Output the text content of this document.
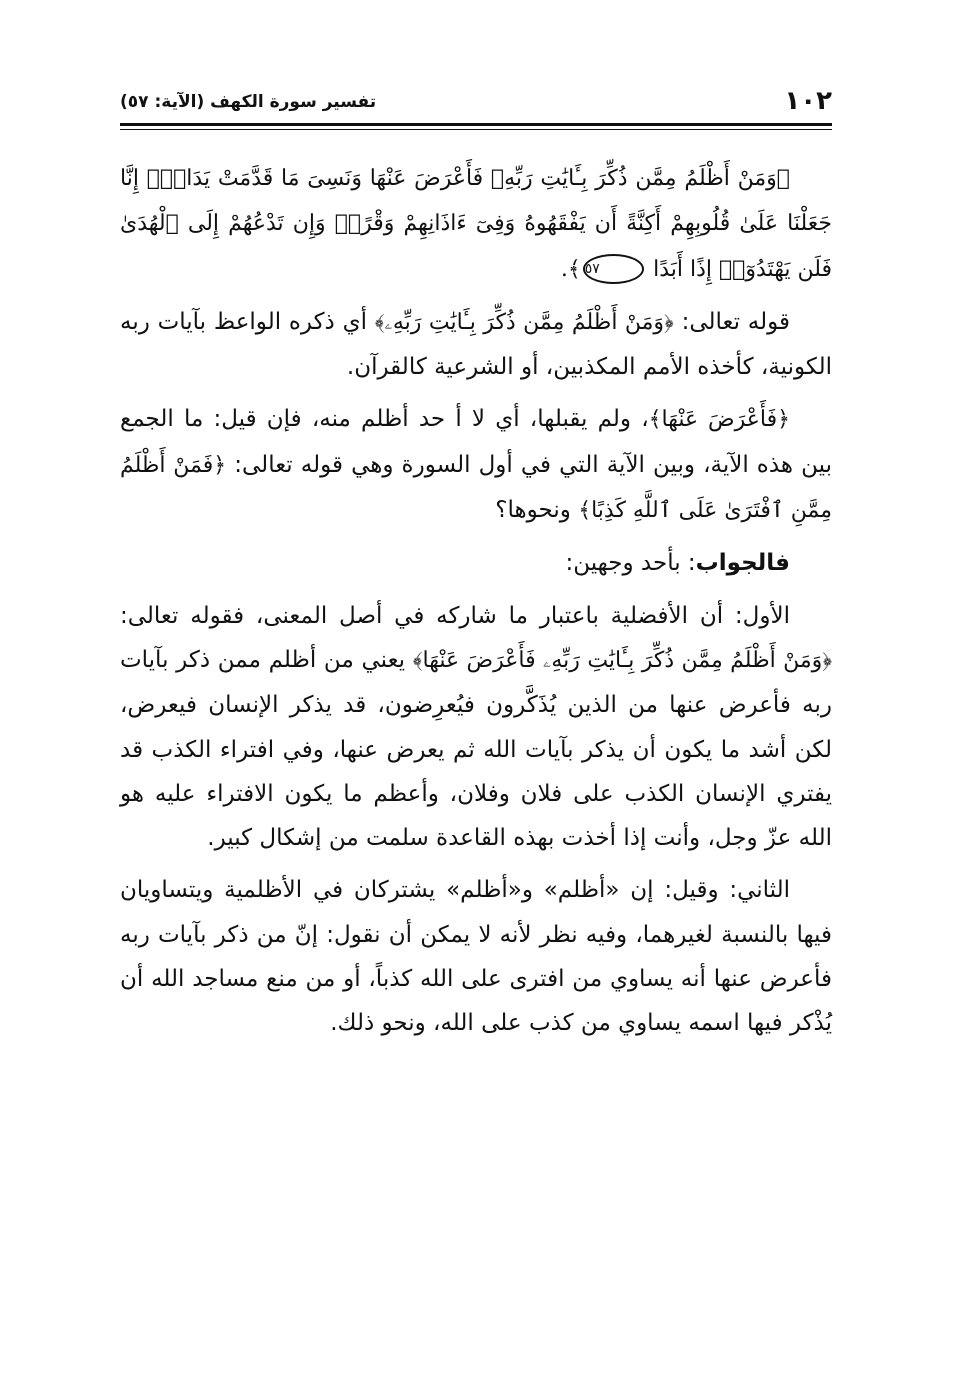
١٠٢
تفسير سورة الكهف (الآية: ٥٧)

﴿وَمَنْ أَظْلَمُ مِمَّن ذُكِّرَ بِـَٔايَٰتِ رَبِّهِۦ فَأَعْرَضَ عَنْهَا وَنَسِىَ مَا قَدَّمَتْ يَدَاهُۚ إِنَّا جَعَلْنَا عَلَىٰ قُلُوبِهِمْ أَكِنَّةً أَن يَفْقَهُوهُ وَفِىٓ ءَاذَانِهِمْ وَقْرًاۖ وَإِن تَدْعُهُمْ إِلَى ٱلْهُدَىٰ فَلَن يَهْتَدُوٓا۟ إِذًا أَبَدًا ٥٧﴾.

قوله تعالى: ﴿وَمَنْ أَظْلَمُ مِمَّن ذُكِّرَ بِـَٔايَٰتِ رَبِّهِۦ﴾ أي ذكره الواعظ بآيات ربه الكونية، كأخذه الأمم المكذبين، أو الشرعية كالقرآن.

﴿فَأَعْرَضَ عَنْهَا﴾، ولم يقبلها، أي لا أ حد أظلم منه، فإن قيل: ما الجمع بين هذه الآية، وبين الآية التي في أول السورة وهي قوله تعالى: ﴿فَمَنْ أَظْلَمُ مِمَّنِ ٱفْتَرَىٰ عَلَى ٱللَّهِ كَذِبًا﴾ ونحوها؟

فالجواب: بأحد وجهين:

الأول: أن الأفضلية باعتبار ما شاركه في أصل المعنى، فقوله تعالى: ﴿وَمَنْ أَظْلَمُ مِمَّن ذُكِّرَ بِـَٔايَٰتِ رَبِّهِۦ فَأَعْرَضَ عَنْهَا﴾ يعني من أظلم ممن ذكر بآيات ربه فأعرض عنها من الذين يُذَكَّرون فيُعرِضون، قد يذكر الإنسان فيعرض، لكن أشد ما يكون أن يذكر بآيات الله ثم يعرض عنها، وفي افتراء الكذب قد يفتري الإنسان الكذب على فلان وفلان، وأعظم ما يكون الافتراء عليه هو الله عزّ وجل، وأنت إذا أخذت بهذه القاعدة سلمت من إشكال كبير.

الثاني: وقيل: إن «أظلم» و«أظلم» يشتركان في الأظلمية ويتساويان فيها بالنسبة لغيرهما، وفيه نظر لأنه لا يمكن أن نقول: إنّ من ذكر بآيات ربه فأعرض عنها أنه يساوي من افترى على الله كذباً، أو من منع مساجد الله أن يُذْكر فيها اسمه يساوي من كذب على الله، ونحو ذلك.
